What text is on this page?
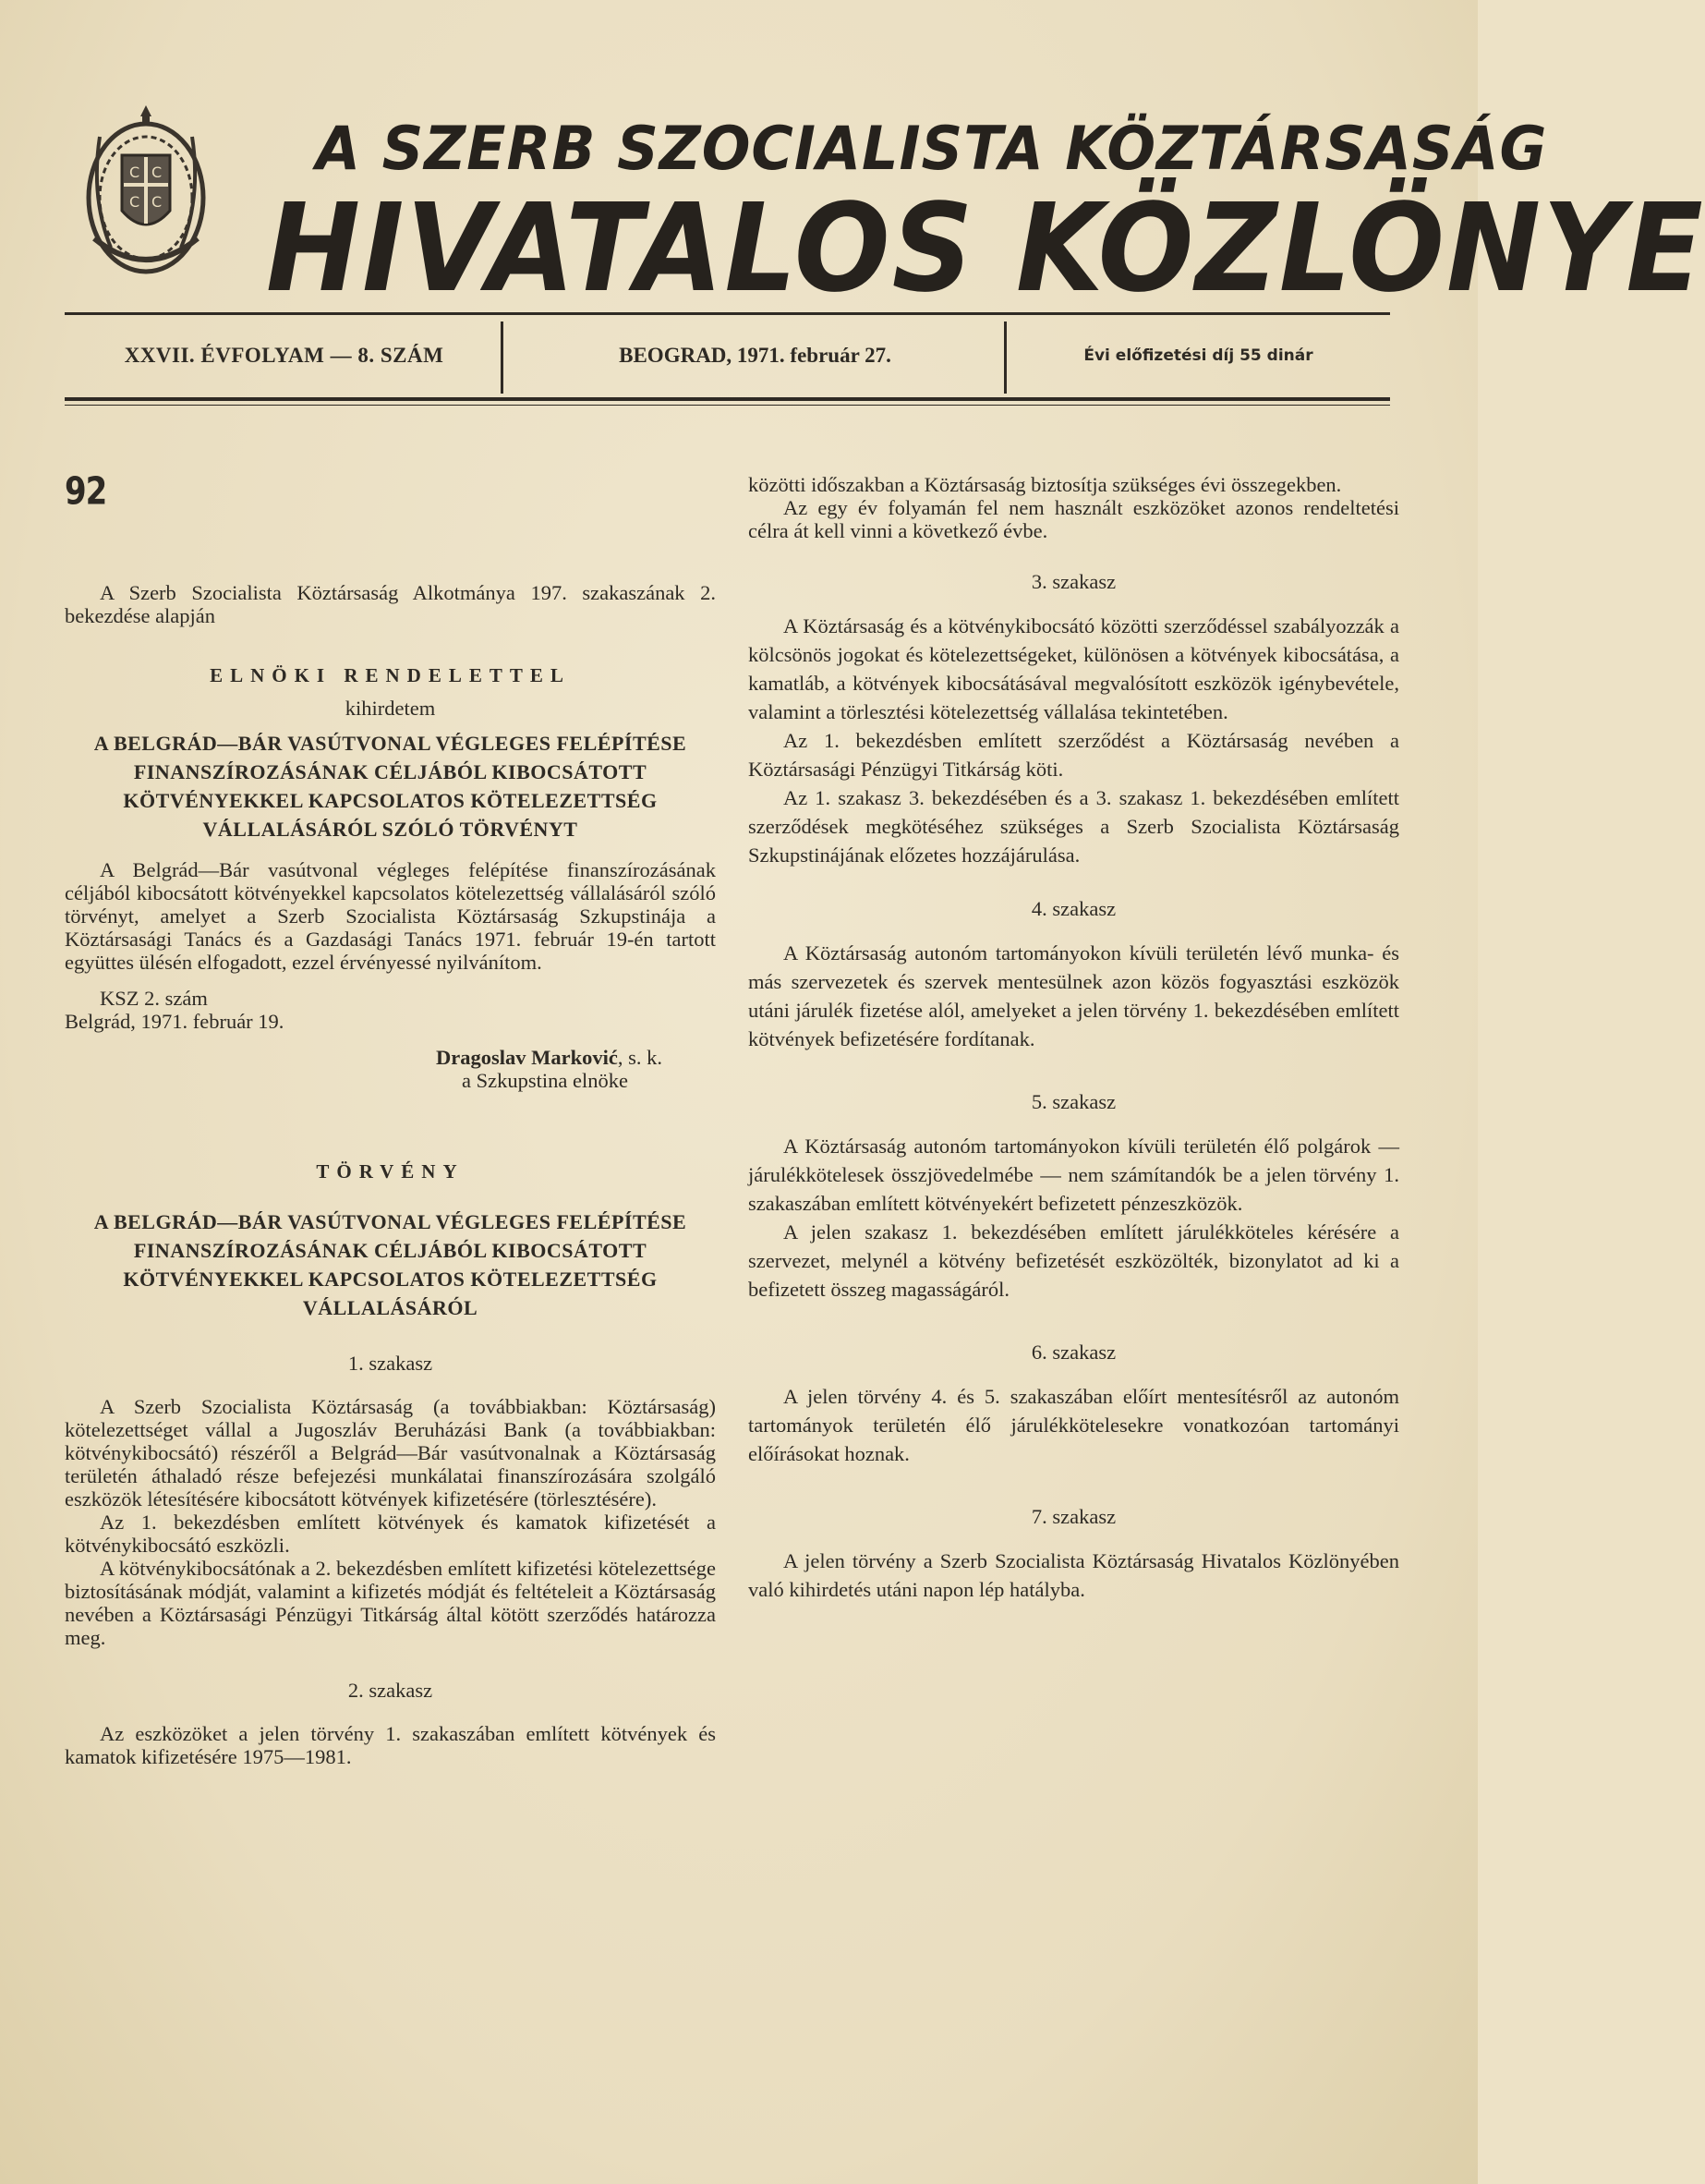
C C
C C
A SZERB SZOCIALISTA KÖZTÁRSASÁG
HIVATALOS KÖZLÖNYE
XXVII. ÉVFOLYAM — 8. SZÁM	BEOGRAD, 1971. február 27.	Évi előfizetési díj 55 dinár
92

A Szerb Szocialista Köztársaság Alkotmánya 197. szakaszának 2. bekezdése alapján

ELNÖKI RENDELETTEL
kihirdetem
A BELGRÁD—BÁR VASÚTVONAL VÉGLEGES FELÉPÍTÉSE FINANSZÍROZÁSÁNAK CÉLJÁBÓL KIBOCSÁTOTT KÖTVÉNYEKKEL KAPCSOLATOS KÖTELEZETTSÉG VÁLLALÁSÁRÓL SZÓLÓ TÖRVÉNYT

A Belgrád—Bár vasútvonal végleges felépítése finanszírozásának céljából kibocsátott kötvényekkel kapcsolatos kötelezettség vállalásáról szóló törvényt, amelyet a Szerb Szocialista Köztársaság Szkupstinája a Köztársasági Tanács és a Gazdasági Tanács 1971. február 19-én tartott együttes ülésén elfogadott, ezzel érvényessé nyilvánítom.

KSZ 2. szám

Belgrád, 1971. február 19.

Dragoslav Marković, s. k.

a Szkupstina elnöke

TÖRVÉNY
A BELGRÁD—BÁR VASÚTVONAL VÉGLEGES FELÉPÍTÉSE FINANSZÍROZÁSÁNAK CÉLJÁBÓL KIBOCSÁTOTT KÖTVÉNYEKKEL KAPCSOLATOS KÖTELEZETTSÉG VÁLLALÁSÁRÓL
1. szakasz

A Szerb Szocialista Köztársaság (a továbbiakban: Köztársaság) kötelezettséget vállal a Jugoszláv Beruházási Bank (a továbbiakban: kötvénykibocsátó) részéről a Belgrád—Bár vasútvonalnak a Köztársaság területén áthaladó része befejezési munkálatai finanszírozására szolgáló eszközök létesítésére kibocsátott kötvények kifizetésére (törlesztésére).

Az 1. bekezdésben említett kötvények és kamatok kifizetését a kötvénykibocsátó eszközli.

A kötvénykibocsátónak a 2. bekezdésben említett kifizetési kötelezettsége biztosításának módját, valamint a kifizetés módját és feltételeit a Köztársaság nevében a Köztársasági Pénzügyi Titkárság által kötött szerződés határozza meg.

2. szakasz

Az eszközöket a jelen törvény 1. szakaszában említett kötvények és kamatok kifizetésére 1975—1981.

közötti időszakban a Köztársaság biztosítja szükséges évi összegekben.

Az egy év folyamán fel nem használt eszközöket azonos rendeltetési célra át kell vinni a következő évbe.

3. szakasz

A Köztársaság és a kötvénykibocsátó közötti szerződéssel szabályozzák a kölcsönös jogokat és kötelezettségeket, különösen a kötvények kibocsátása, a kamatláb, a kötvények kibocsátásával megvalósított eszközök igénybevétele, valamint a törlesztési kötelezettség vállalása tekintetében.

Az 1. bekezdésben említett szerződést a Köztársaság nevében a Köztársasági Pénzügyi Titkárság köti.

Az 1. szakasz 3. bekezdésében és a 3. szakasz 1. bekezdésében említett szerződések megkötéséhez szükséges a Szerb Szocialista Köztársaság Szkupstinájának előzetes hozzájárulása.

4. szakasz

A Köztársaság autonóm tartományokon kívüli területén lévő munka- és más szervezetek és szervek mentesülnek azon közös fogyasztási eszközök utáni járulék fizetése alól, amelyeket a jelen törvény 1. bekezdésében említett kötvények befizetésére fordítanak.

5. szakasz

A Köztársaság autonóm tartományokon kívüli területén élő polgárok — járulékkötelesek összjövedelmébe — nem számítandók be a jelen törvény 1. szakaszában említett kötvényekért befizetett pénzeszközök.

A jelen szakasz 1. bekezdésében említett járulékköteles kérésére a szervezet, melynél a kötvény befizetését eszközölték, bizonylatot ad ki a befizetett összeg magasságáról.

6. szakasz

A jelen törvény 4. és 5. szakaszában előírt mentesítésről az autonóm tartományok területén élő járulékkötelesekre vonatkozóan tartományi előírásokat hoznak.

7. szakasz

A jelen törvény a Szerb Szocialista Köztársaság Hivatalos Közlönyében való kihirdetés utáni napon lép hatályba.
